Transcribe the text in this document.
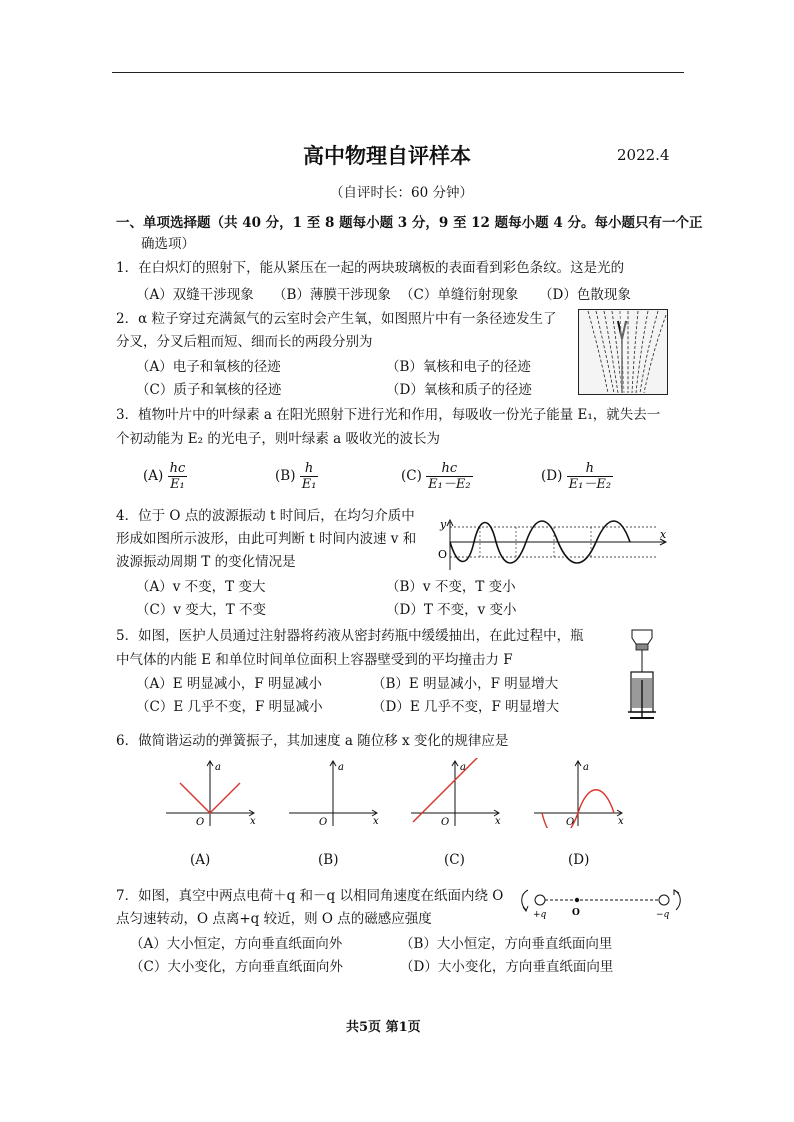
高中物理自评样本	2022.4
（自评时长：60 分钟）
一、单项选择题（共 40 分，1 至 8 题每小题 3 分，9 至 12 题每小题 4 分。每小题只有一个正
确选项）
1．在白炽灯的照射下，能从紧压在一起的两块玻璃板的表面看到彩色条纹。这是光的
（A）双缝干涉现象 （B）薄膜干涉现象 （C）单缝衍射现象 （D）色散现象
2．α 粒子穿过充满氮气的云室时会产生氧，如图照片中有一条径迹发生了
分叉，分叉后粗而短、细而长的两段分别为
（A）电子和氧核的径迹	（B）氧核和电子的径迹
（C）质子和氧核的径迹	（D）氧核和质子的径迹
3．植物叶片中的叶绿素 a 在阳光照射下进行光和作用，每吸收一份光子能量 E₁，就失去一
个初动能为 E₂ 的光电子，则叶绿素 a 吸收光的波长为
$(A) \frac{hc}{\text{E₁}}$	$(B) \frac{h}{\text{E₁}}$	$(C) \frac{hc}{\text{E₁－E₂}}$	$(D) \frac{h}{\text{E₁－E₂}}$
4．位于 O 点的波源振动 t 时间后，在均匀介质中
形成如图所示波形，由此可判断 t 时间内波速 v 和
波源振动周期 T 的变化情况是
（A）v 不变，T 变大	（B）v 不变，T 变小
（C）v 变大，T 不变	（D）T 不变，v 变小
y
O
x
5．如图，医护人员通过注射器将药液从密封药瓶中缓缓抽出，在此过程中，瓶
中气体的内能 E 和单位时间单位面积上容器壁受到的平均撞击力 F
（A）E 明显减小，F 明显减小	（B）E 明显减小，F 明显增大
（C）E 几乎不变，F 明显减小	（D）E 几乎不变，F 明显增大
6．做简谐运动的弹簧振子，其加速度 a 随位移 x 变化的规律应是
a
O	x
a
O	x
a
O	x
a
O	x
(A)	(B)	(C)	(D)
7．如图，真空中两点电荷＋q 和－q 以相同角速度在纸面内绕 O
点匀速转动，O 点离+q 较近，则 O 点的磁感应强度
（A）大小恒定，方向垂直纸面向外	（B）大小恒定，方向垂直纸面向里
（C）大小变化，方向垂直纸面向外	（D）大小变化，方向垂直纸面向里
+q	O	−q
共5页 第1页
